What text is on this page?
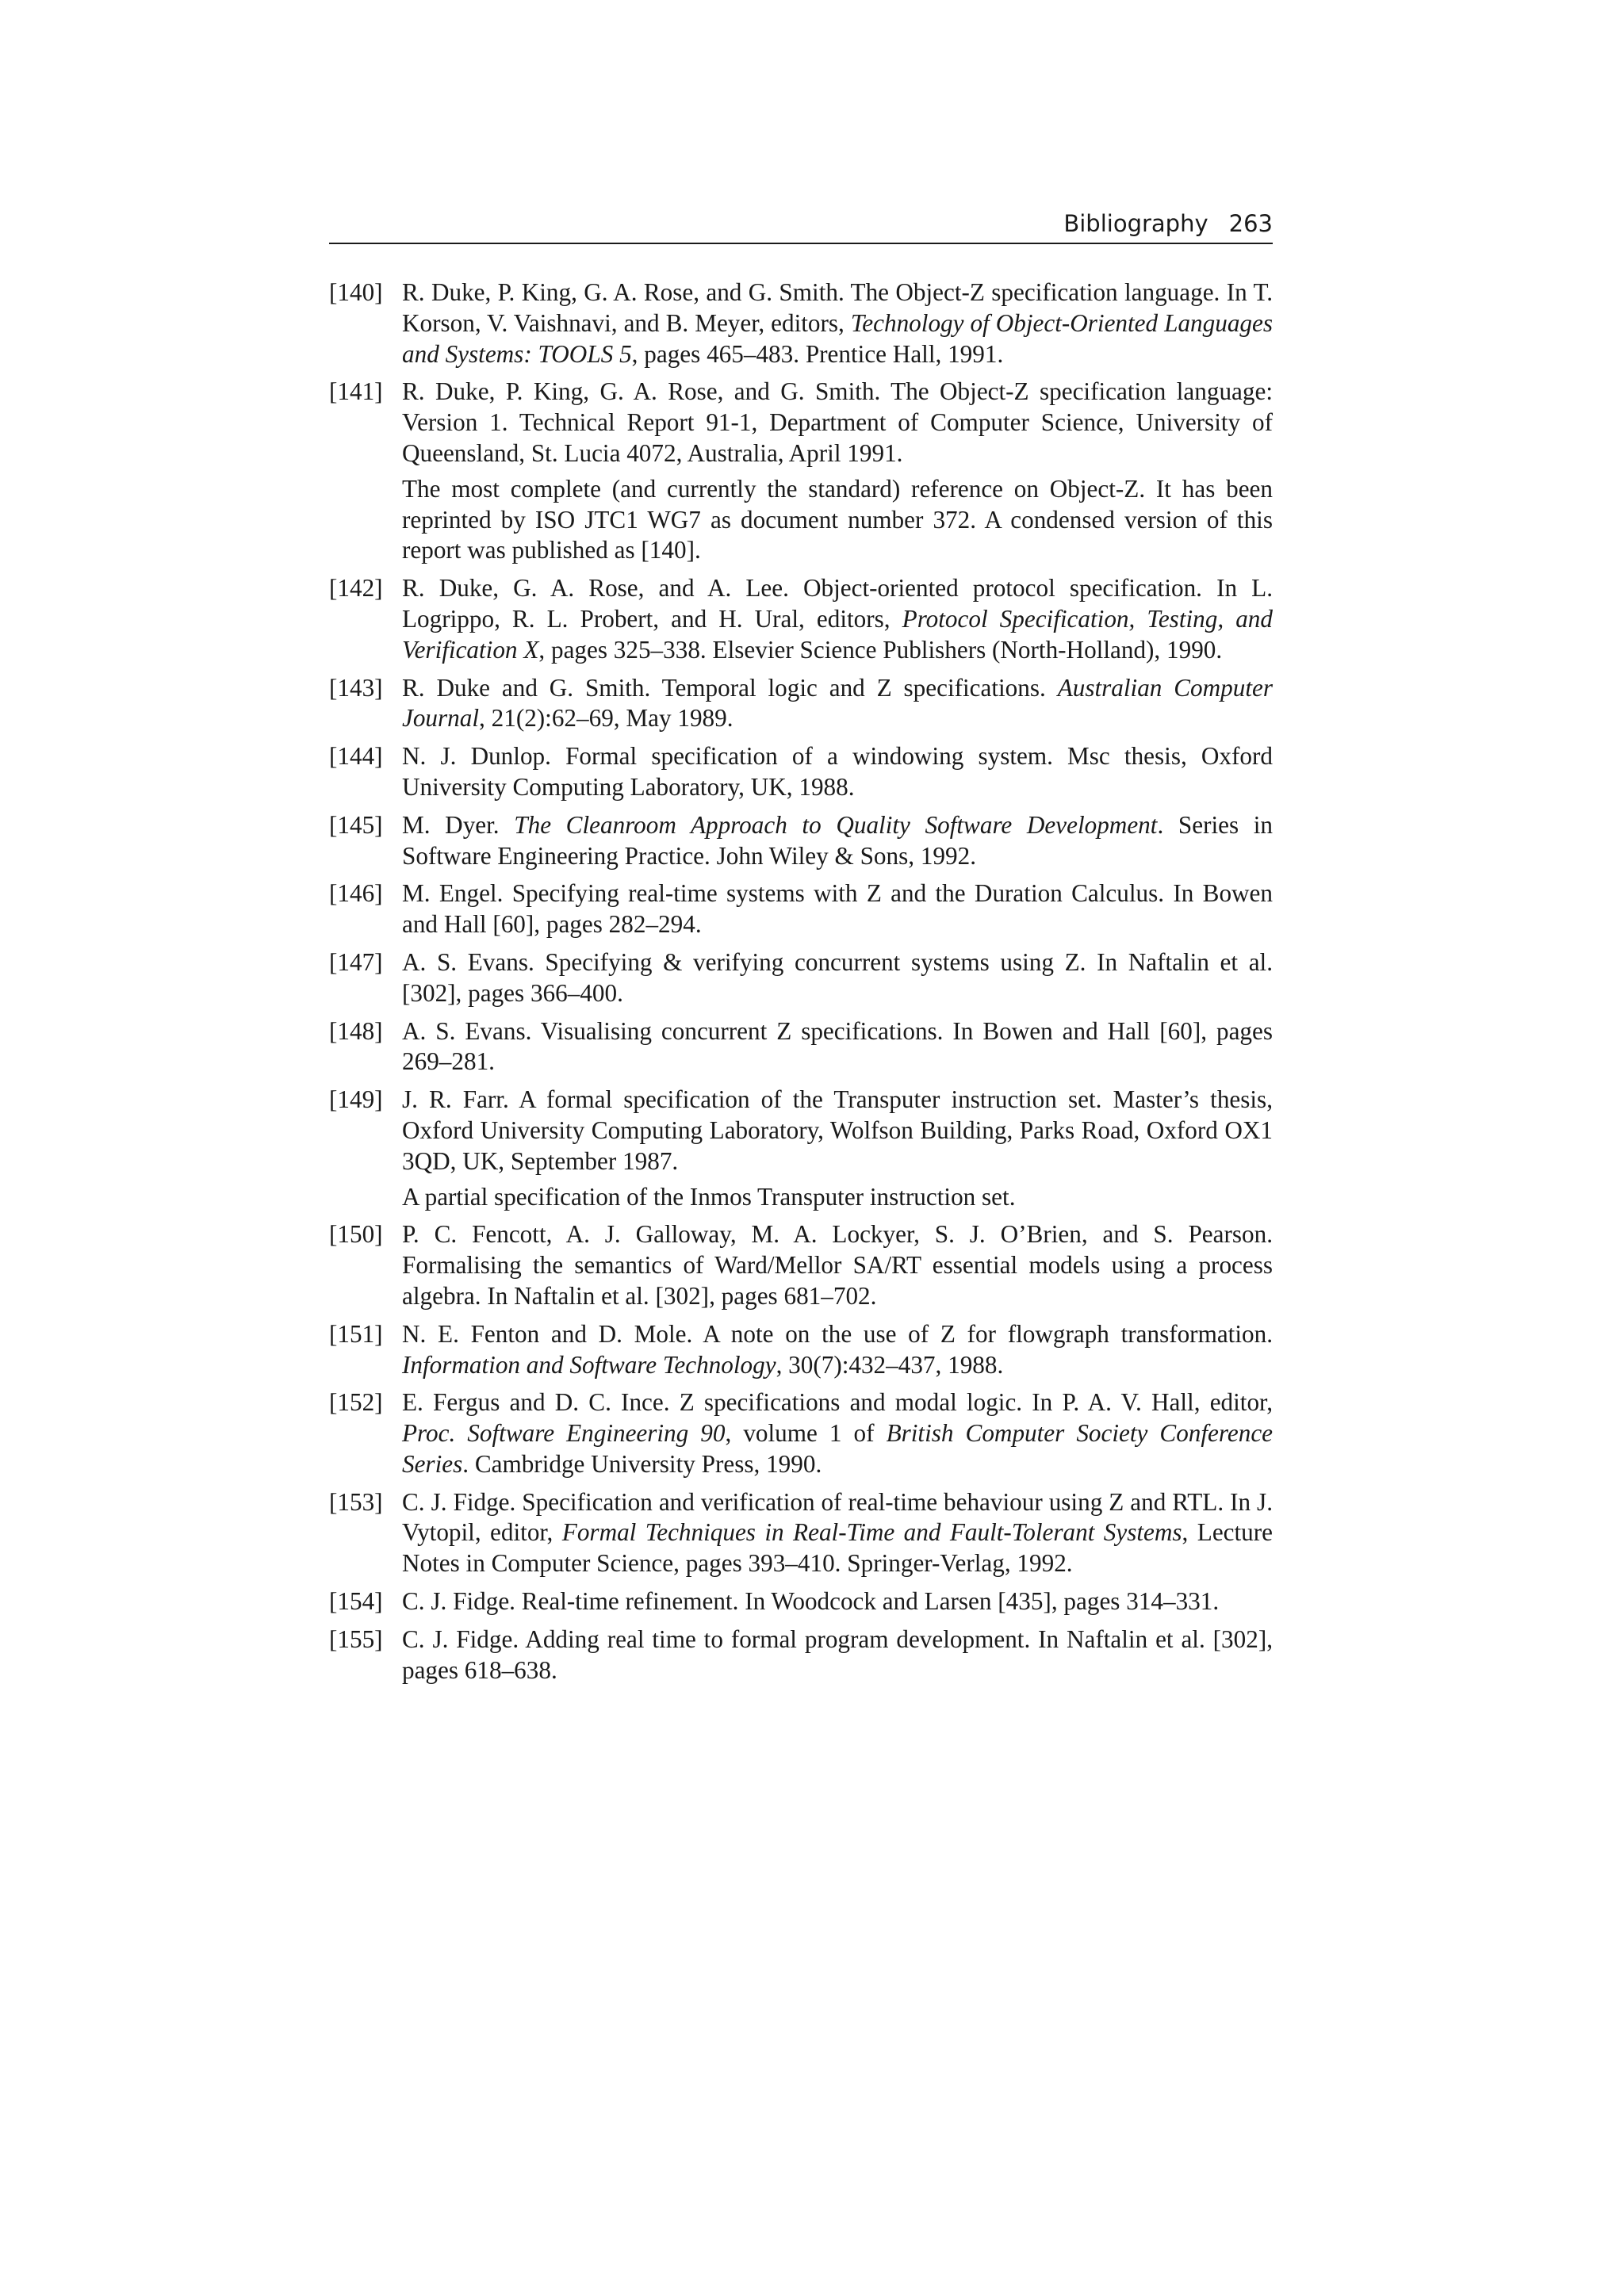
Bibliography 263
[140] R. Duke, P. King, G. A. Rose, and G. Smith. The Object-Z specification language. In T. Korson, V. Vaishnavi, and B. Meyer, editors, Technology of Object-Oriented Languages and Systems: TOOLS 5, pages 465–483. Prentice Hall, 1991.

[141] R. Duke, P. King, G. A. Rose, and G. Smith. The Object-Z specification language: Version 1. Technical Report 91-1, Department of Computer Science, University of Queensland, St. Lucia 4072, Australia, April 1991.

The most complete (and currently the standard) reference on Object-Z. It has been reprinted by ISO JTC1 WG7 as document number 372. A condensed version of this report was published as [140].

[142] R. Duke, G. A. Rose, and A. Lee. Object-oriented protocol specification. In L. Logrippo, R. L. Probert, and H. Ural, editors, Protocol Specification, Testing, and Verification X, pages 325–338. Elsevier Science Publishers (North-Holland), 1990.

[143] R. Duke and G. Smith. Temporal logic and Z specifications. Australian Computer Journal, 21(2):62–69, May 1989.

[144] N. J. Dunlop. Formal specification of a windowing system. Msc thesis, Oxford University Computing Laboratory, UK, 1988.

[145] M. Dyer. The Cleanroom Approach to Quality Software Development. Series in Software Engineering Practice. John Wiley & Sons, 1992.

[146] M. Engel. Specifying real-time systems with Z and the Duration Calculus. In Bowen and Hall [60], pages 282–294.

[147] A. S. Evans. Specifying & verifying concurrent systems using Z. In Naftalin et al. [302], pages 366–400.

[148] A. S. Evans. Visualising concurrent Z specifications. In Bowen and Hall [60], pages 269–281.

[149] J. R. Farr. A formal specification of the Transputer instruction set. Master’s thesis, Oxford University Computing Laboratory, Wolfson Building, Parks Road, Oxford OX1 3QD, UK, September 1987.

A partial specification of the Inmos Transputer instruction set.

[150] P. C. Fencott, A. J. Galloway, M. A. Lockyer, S. J. O’Brien, and S. Pearson. Formalising the semantics of Ward/Mellor SA/RT essential models using a process algebra. In Naftalin et al. [302], pages 681–702.

[151] N. E. Fenton and D. Mole. A note on the use of Z for flowgraph transformation. Information and Software Technology, 30(7):432–437, 1988.

[152] E. Fergus and D. C. Ince. Z specifications and modal logic. In P. A. V. Hall, editor, Proc. Software Engineering 90, volume 1 of British Computer Society Conference Series. Cambridge University Press, 1990.

[153] C. J. Fidge. Specification and verification of real-time behaviour using Z and RTL. In J. Vytopil, editor, Formal Techniques in Real-Time and Fault-Tolerant Systems, Lecture Notes in Computer Science, pages 393–410. Springer-Verlag, 1992.

[154] C. J. Fidge. Real-time refinement. In Woodcock and Larsen [435], pages 314–331.

[155] C. J. Fidge. Adding real time to formal program development. In Naftalin et al. [302], pages 618–638.
